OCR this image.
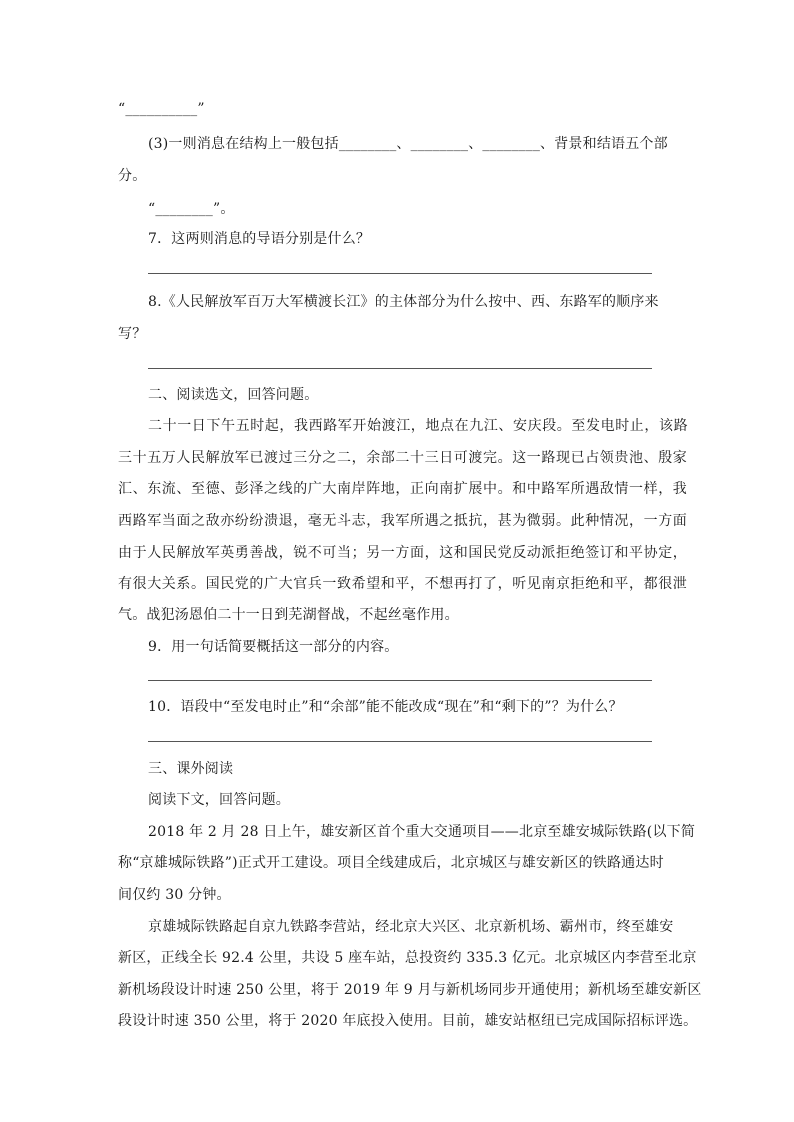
“__________”
(3)一则消息在结构上一般包括________、________、________、背景和结语五个部
分。
“________”。
7．这两则消息的导语分别是什么？
8.《人民解放军百万大军横渡长江》的主体部分为什么按中、西、东路军的顺序来
写？
二、阅读选文，回答问题。
二十一日下午五时起，我西路军开始渡江，地点在九江、安庆段。至发电时止，该路
三十五万人民解放军已渡过三分之二，余部二十三日可渡完。这一路现已占领贵池、殷家
汇、东流、至德、彭泽之线的广大南岸阵地，正向南扩展中。和中路军所遇敌情一样，我
西路军当面之敌亦纷纷溃退，毫无斗志，我军所遇之抵抗，甚为微弱。此种情况，一方面
由于人民解放军英勇善战，锐不可当；另一方面，这和国民党反动派拒绝签订和平协定，
有很大关系。国民党的广大官兵一致希望和平，不想再打了，听见南京拒绝和平，都很泄
气。战犯汤恩伯二十一日到芜湖督战，不起丝毫作用。
9．用一句话简要概括这一部分的内容。
10．语段中“至发电时止”和“余部”能不能改成“现在”和“剩下的”？为什么？
三、课外阅读
阅读下文，回答问题。
2018 年 2 月 28 日上午，雄安新区首个重大交通项目——北京至雄安城际铁路(以下简
称“京雄城际铁路”)正式开工建设。项目全线建成后，北京城区与雄安新区的铁路通达时
间仅约 30 分钟。
京雄城际铁路起自京九铁路李营站，经北京大兴区、北京新机场、霸州市，终至雄安
新区，正线全长 92.4 公里，共设 5 座车站，总投资约 335.3 亿元。北京城区内李营至北京
新机场段设计时速 250 公里，将于 2019 年 9 月与新机场同步开通使用；新机场至雄安新区
段设计时速 350 公里，将于 2020 年底投入使用。目前，雄安站枢纽已完成国际招标评选。
